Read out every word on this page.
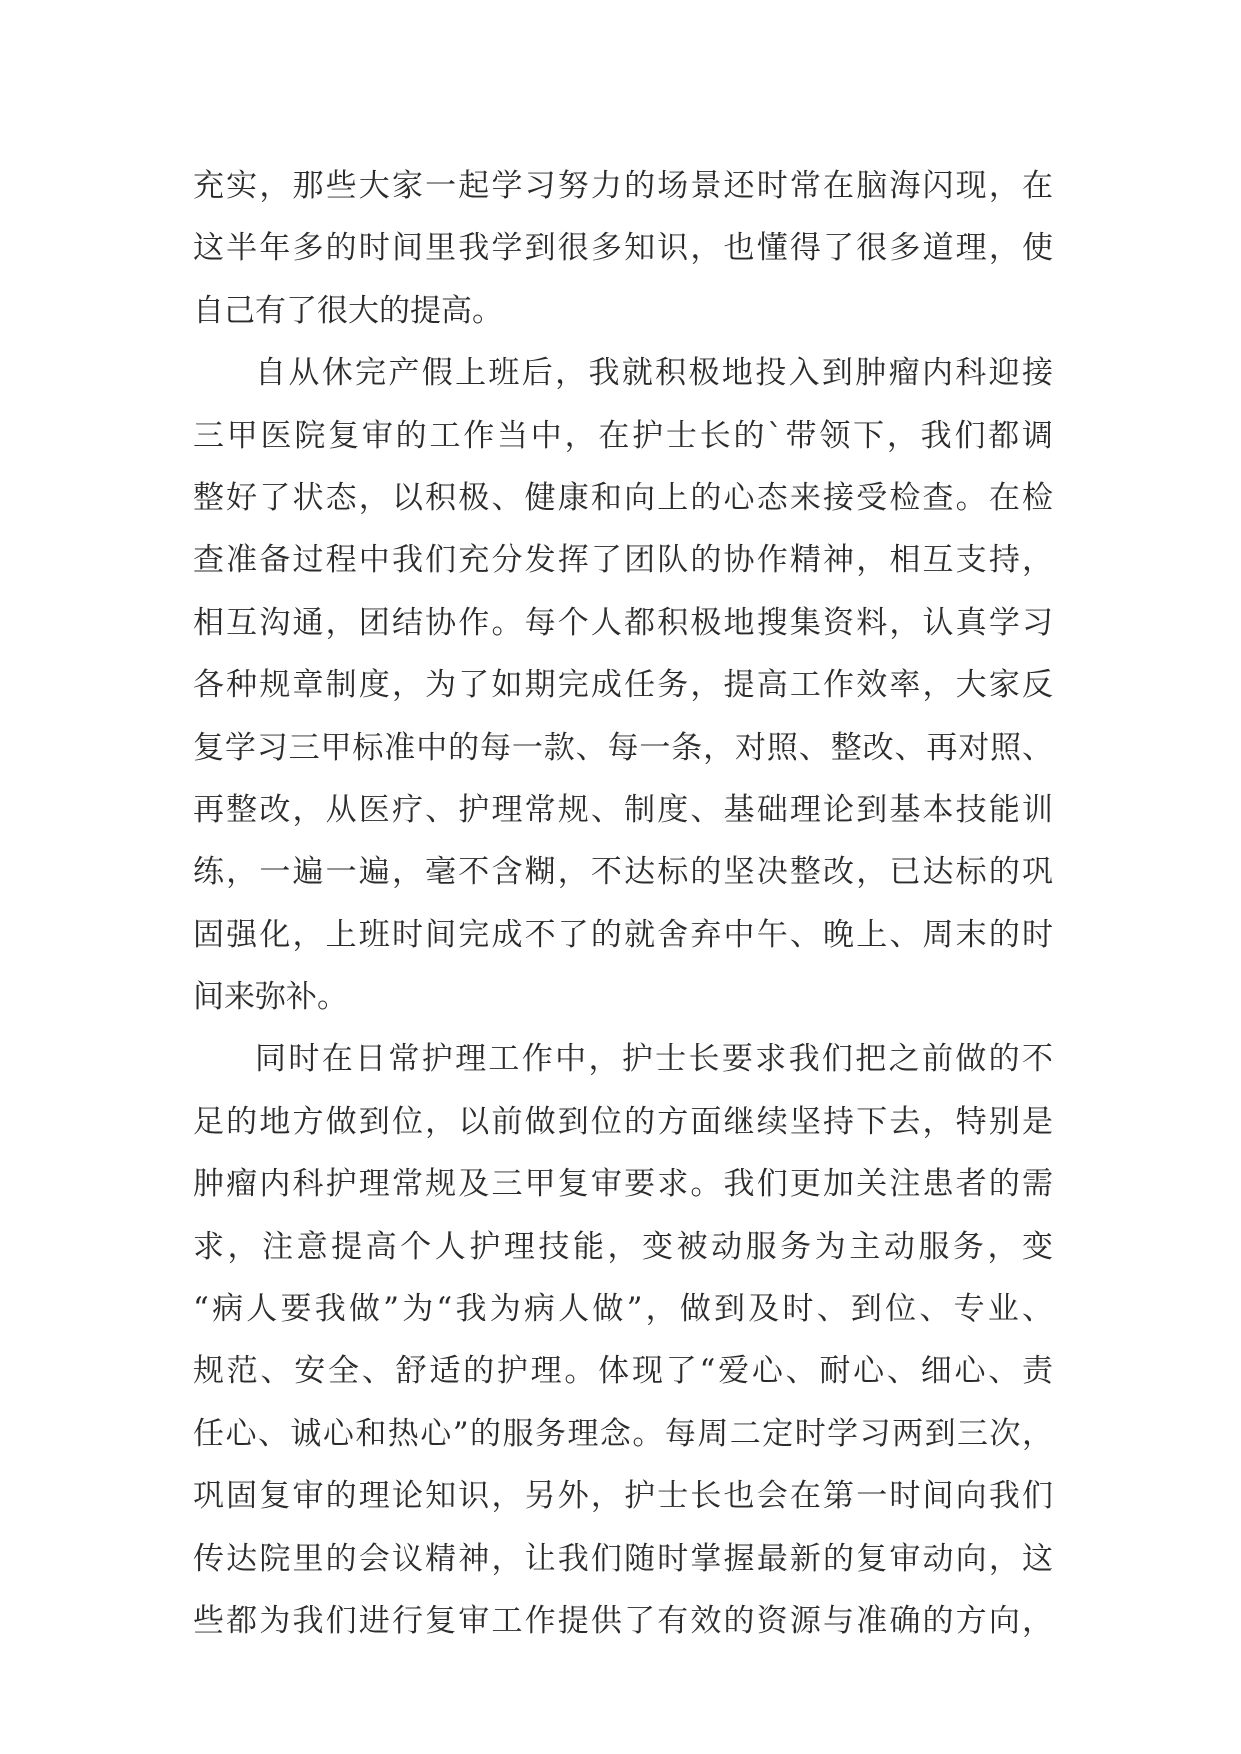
充实，那些大家一起学习努力的场景还时常在脑海闪现，在
这半年多的时间里我学到很多知识，也懂得了很多道理，使
自己有了很大的提高。
自从休完产假上班后，我就积极地投入到肿瘤内科迎接
三甲医院复审的工作当中，在护士长的`带领下，我们都调
整好了状态，以积极、健康和向上的心态来接受检查。在检
查准备过程中我们充分发挥了团队的协作精神，相互支持，
相互沟通，团结协作。每个人都积极地搜集资料，认真学习
各种规章制度，为了如期完成任务，提高工作效率，大家反
复学习三甲标准中的每一款、每一条，对照、整改、再对照、
再整改，从医疗、护理常规、制度、基础理论到基本技能训
练，一遍一遍，毫不含糊，不达标的坚决整改，已达标的巩
固强化，上班时间完成不了的就舍弃中午、晚上、周末的时
间来弥补。
同时在日常护理工作中，护士长要求我们把之前做的不
足的地方做到位，以前做到位的方面继续坚持下去，特别是
肿瘤内科护理常规及三甲复审要求。我们更加关注患者的需
求，注意提高个人护理技能，变被动服务为主动服务，变
“病人要我做”为“我为病人做”，做到及时、到位、专业、
规范、安全、舒适的护理。体现了“爱心、耐心、细心、责
任心、诚心和热心”的服务理念。每周二定时学习两到三次，
巩固复审的理论知识，另外，护士长也会在第一时间向我们
传达院里的会议精神，让我们随时掌握最新的复审动向，这
些都为我们进行复审工作提供了有效的资源与准确的方向，
